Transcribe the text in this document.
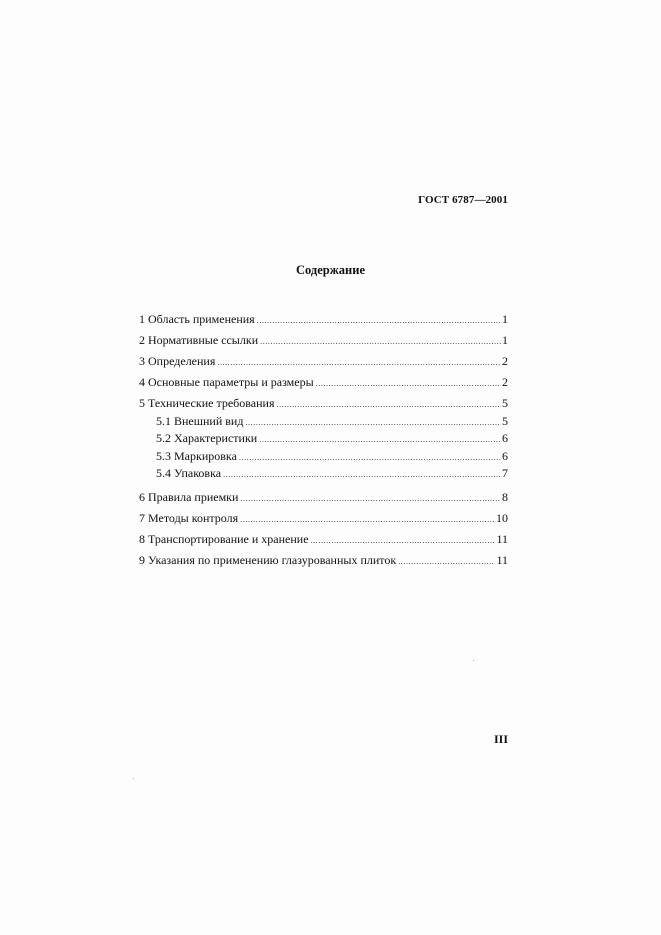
ГОСТ 6787—2001
Содержание
1 Область применения .....	1
2 Нормативные ссылки .....	1
3 Определения .....	2
4 Основные параметры и размеры .....	2
5 Технические требования .....	5
5.1 Внешний вид .....	5
5.2 Характеристики .....	6
5.3 Маркировка .....	6
5.4 Упаковка .....	7
6 Правила приемки .....	8
7 Методы контроля .....	10
8 Транспортирование и хранение .....	11
9 Указания по применению глазурованных плиток .....	11
III
